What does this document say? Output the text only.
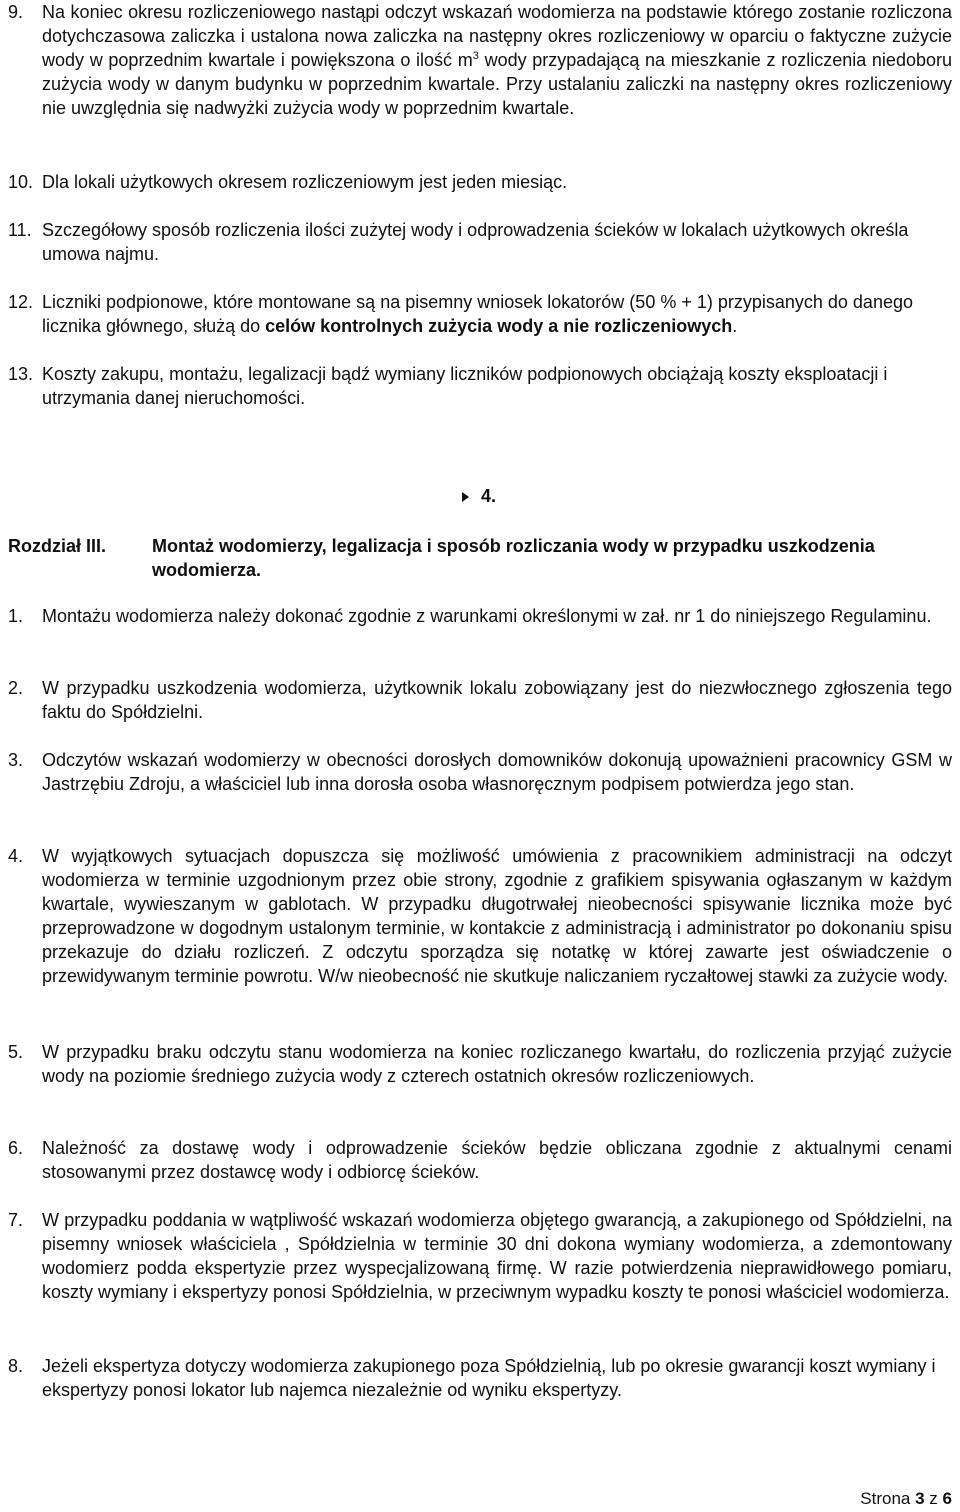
9.	Na koniec okresu rozliczeniowego nastąpi odczyt wskazań wodomierza na podstawie którego zostanie rozliczona dotychczasowa zaliczka i ustalona nowa zaliczka na następny okres rozliczeniowy w oparciu o faktyczne zużycie wody w poprzednim kwartale i powiększona o ilość $m^3$ wody przypadającą na mieszkanie z rozliczenia niedoboru zużycia wody w danym budynku w poprzednim kwartale. Przy ustalaniu zaliczki na następny okres rozliczeniowy nie uwzględnia się nadwyżki zużycia wody w poprzednim kwartale.

10. Dla lokali użytkowych okresem rozliczeniowym jest jeden miesiąc.

11. Szczegółowy sposób rozliczenia ilości zużytej wody i odprowadzenia ścieków w lokalach użytkowych określa umowa najmu.

12. Liczniki podpionowe, które montowane są na pisemny wniosek lokatorów (50 % + 1) przypisanych do danego licznika głównego, służą do celów kontrolnych zużycia wody a nie rozliczeniowych.

13. Koszty zakupu, montażu, legalizacji bądź wymiany liczników podpionowych obciążają koszty eksploatacji i utrzymania danej nieruchomości.

4.
Rozdział III.	Montaż wodomierzy, legalizacja i sposób rozliczania wody w przypadku uszkodzenia wodomierza.
1.	Montażu wodomierza należy dokonać zgodnie z warunkami określonymi w zał. nr 1 do niniejszego Regulaminu.

2.	W przypadku uszkodzenia wodomierza, użytkownik lokalu zobowiązany jest do niezwłocznego zgłoszenia tego faktu do Spółdzielni.

3.	Odczytów wskazań wodomierzy w obecności dorosłych domowników dokonują upoważnieni pracownicy GSM w Jastrzębiu Zdroju, a właściciel lub inna dorosła osoba własnoręcznym podpisem potwierdza jego stan.

4.	W wyjątkowych sytuacjach dopuszcza się możliwość umówienia z pracownikiem administracji na odczyt wodomierza w terminie uzgodnionym przez obie strony, zgodnie z grafikiem spisywania ogłaszanym w każdym kwartale, wywieszanym w gablotach. W przypadku długotrwałej nieobecności spisywanie licznika może być przeprowadzone w dogodnym ustalonym terminie, w kontakcie z administracją i administrator po dokonaniu spisu przekazuje do działu rozliczeń. Z odczytu sporządza się notatkę w której zawarte jest oświadczenie o przewidywanym terminie powrotu. W/w nieobecność nie skutkuje naliczaniem ryczałtowej stawki za zużycie wody.

5.	W przypadku braku odczytu stanu wodomierza na koniec rozliczanego kwartału, do rozliczenia przyjąć zużycie wody na poziomie średniego zużycia wody z czterech ostatnich okresów rozliczeniowych.

6.	Należność za dostawę wody i odprowadzenie ścieków będzie obliczana zgodnie z aktualnymi cenami stosowanymi przez dostawcę wody i odbiorcę ścieków.

7.	W przypadku poddania w wątpliwość wskazań wodomierza objętego gwarancją, a zakupionego od Spółdzielni, na pisemny wniosek właściciela , Spółdzielnia w terminie 30 dni dokona wymiany wodomierza, a zdemontowany wodomierz podda ekspertyzie przez wyspecjalizowaną firmę. W razie potwierdzenia nieprawidłowego pomiaru, koszty wymiany i ekspertyzy ponosi Spółdzielnia, w przeciwnym wypadku koszty te ponosi właściciel wodomierza.

8.	Jeżeli ekspertyza dotyczy wodomierza zakupionego poza Spółdzielnią, lub po okresie gwarancji koszt wymiany i ekspertyzy ponosi lokator lub najemca niezależnie od wyniku ekspertyzy.

Strona 3 z 6
